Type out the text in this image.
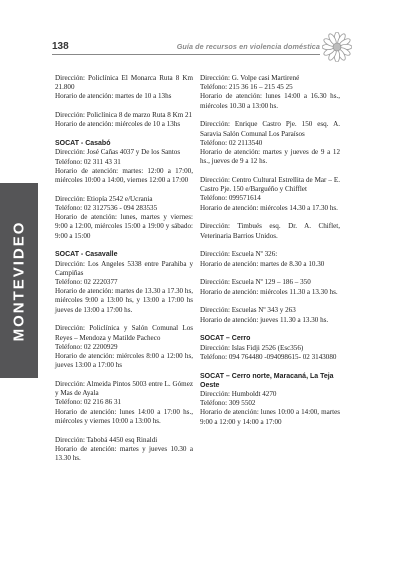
138	Guía de recursos en violencia doméstica
MONTEVIDEO

Dirección: Policlínica El Monarca Ruta 8 Km 21.800

Horario de atención: martes de 10 a 13hs

Dirección: Policlínica 8 de marzo Ruta 8 Km 21

Horario de atención: miércoles de 10 a 13hs

SOCAT - Casabó

Dirección: José Cañas 4037 y De los Santos

Teléfono: 02 311 43 31

Horario de atención: martes: 12:00 a 17:00, miércoles 10:00 a 14:00, viernes 12:00 a 17:00

Dirección: Etiopía 2542 e/Ucrania

Teléfono: 02 3127536 - 094 283535

Horario de atención: lunes, martes y viernes: 9:00 a 12:00, miércoles 15:00 a 19:00 y sábado: 9:00 a 15:00

SOCAT - Casavalle

Dirección: Los Angeles 5338 entre Parahiba y Campiñas

Teléfono: 02 2220377

Horario de atención: martes de 13.30 a 17.30 hs, miércoles 9:00 a 13:00 hs, y 13:00 a 17:00 hs jueves de 13:00 a 17:00 hs.

Dirección: Policlínica y Salón Comunal Los Reyes – Mendoza y Matilde Pacheco

Teléfono: 02 2200929

Horario de atención: miércoles 8:00 a 12:00 hs, jueves 13:00 a 17:00 hs

Dirección: Almeida Pintos 5003 entre L. Gómez y Mas de Ayala

Teléfono: 02 216 86 31

Horario de atención: lunes 14:00 a 17:00 hs., miércoles y viernes 10:00 a 13:00 hs.

Dirección: Tabobá 4450 esq Rinaldi

Horario de atención: martes y jueves 10.30 a 13.30 hs.

Dirección: G. Volpe casi Martirené

Teléfono: 215 36 16 – 215 45 25

Horario de atención: lunes 14:00 a 16.30 hs., miércoles 10.30 a 13:00 hs.

Dirección: Enrique Castro Pje. 150 esq. A. Saravia Salón Comunal Los Paraísos

Teléfono: 02 2113540

Horario de atención: martes y jueves de 9 a 12 hs., jueves de 9 a 12 hs.

Dirección: Centro Cultural Estrellita de Mar – E. Castro Pje. 150 e/Barguéño y Chifflet

Teléfono: 099571614

Horario de atención: miércoles 14.30 a 17.30 hs.

Dirección: Timbués esq. Dr. A. Chiflet, Veterinaria Barrios Unidos.

Dirección: Escuela Nº 326:

Horario de atención: martes de 8.30 a 10.30

Dirección: Escuela Nº 129 – 186 – 350

Horario de atención: miércoles 11.30 a 13.30 hs.

Dirección: Escuelas Nº 343 y 263

Horario de atención: jueves 11.30 a 13.30 hs.

SOCAT – Cerro

Dirección: Islas Fidji 2526 (Esc356)

Teléfono: 094 764480 -094098615- 02 3143080

SOCAT – Cerro norte, Maracaná, La Teja Oeste

Dirección: Humboldt 4270

Teléfono: 309 5502

Horario de atención: lunes 10:00 a 14:00, martes 9:00 a 12:00 y 14:00 a 17:00
